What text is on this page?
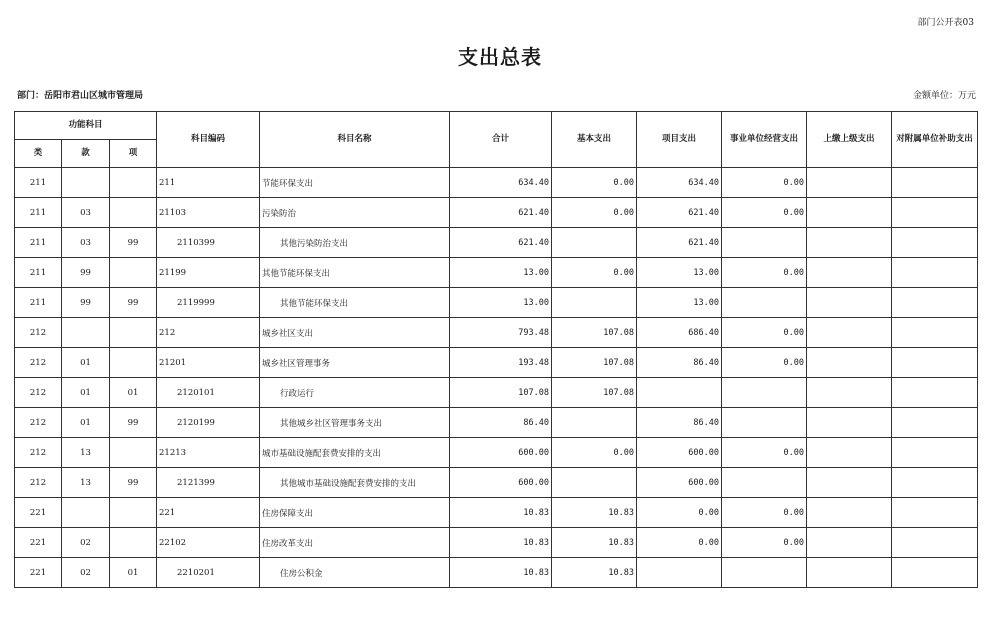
部门公开表03
支出总表
部门：岳阳市君山区城市管理局	金额单位：万元
功能科目			科目编码	科目名称	合计	基本支出	项目支出	事业单位经营支出	上缴上级支出	对附属单位补助支出
类	款	项								
211			211	节能环保支出	634.40	0.00	634.40	0.00		
211	03		21103	污染防治	621.40	0.00	621.40	0.00		
211	03	99	2110399	其他污染防治支出	621.40		621.40			
211	99		21199	其他节能环保支出	13.00	0.00	13.00	0.00		
211	99	99	2119999	其他节能环保支出	13.00		13.00			
212			212	城乡社区支出	793.48	107.08	686.40	0.00		
212	01		21201	城乡社区管理事务	193.48	107.08	86.40	0.00		
212	01	01	2120101	行政运行	107.08	107.08				
212	01	99	2120199	其他城乡社区管理事务支出	86.40		86.40			
212	13		21213	城市基础设施配套费安排的支出	600.00	0.00	600.00	0.00		
212	13	99	2121399	其他城市基础设施配套费安排的支出	600.00		600.00			
221			221	住房保障支出	10.83	10.83	0.00	0.00		
221	02		22102	住房改革支出	10.83	10.83	0.00	0.00		
221	02	01	2210201	住房公积金	10.83	10.83				
